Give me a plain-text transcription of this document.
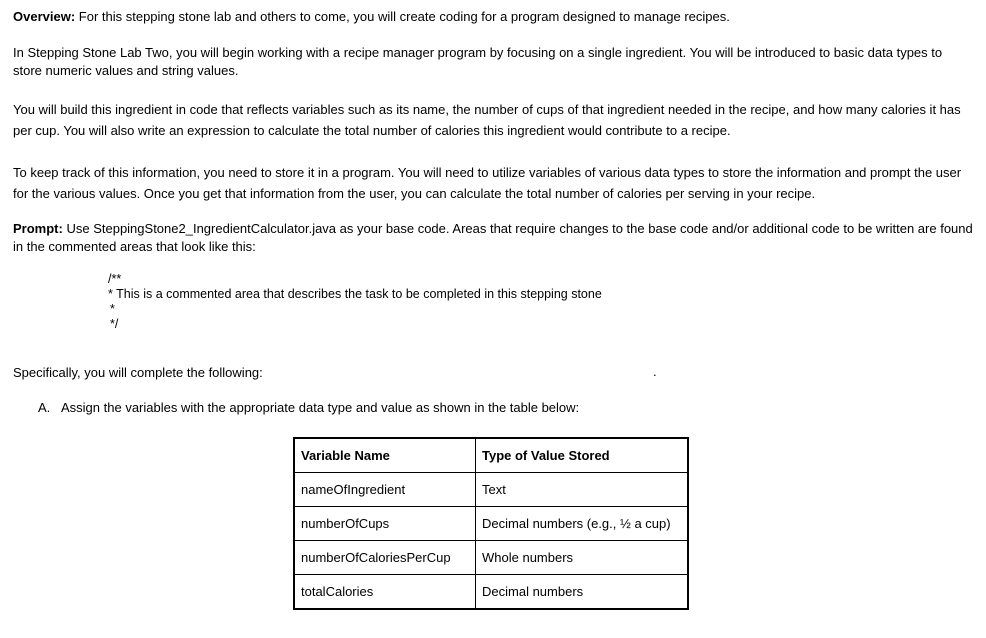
Overview: For this stepping stone lab and others to come, you will create coding for a program designed to manage recipes.

In Stepping Stone Lab Two, you will begin working with a recipe manager program by focusing on a single ingredient. You will be introduced to basic data types to store numeric values and string values.

You will build this ingredient in code that reflects variables such as its name, the number of cups of that ingredient needed in the recipe, and how many calories it has per cup. You will also write an expression to calculate the total number of calories this ingredient would contribute to a recipe.

To keep track of this information, you need to store it in a program. You will need to utilize variables of various data types to store the information and prompt the user for the various values. Once you get that information from the user, you can calculate the total number of calories per serving in your recipe.

Prompt: Use SteppingStone2_IngredientCalculator.java as your base code. Areas that require changes to the base code and/or additional code to be written are found in the commented areas that look like this:

/**
* This is a commented area that describes the task to be completed in this stepping stone
*
*/

Specifically, you will complete the following:	.
A. Assign the variables with the appropriate data type and value as shown in the table below:
Variable Name	Type of Value Stored
nameOfIngredient	Text
numberOfCups	Decimal numbers (e.g., ½ a cup)
numberOfCaloriesPerCup	Whole numbers
totalCalories	Decimal numbers
